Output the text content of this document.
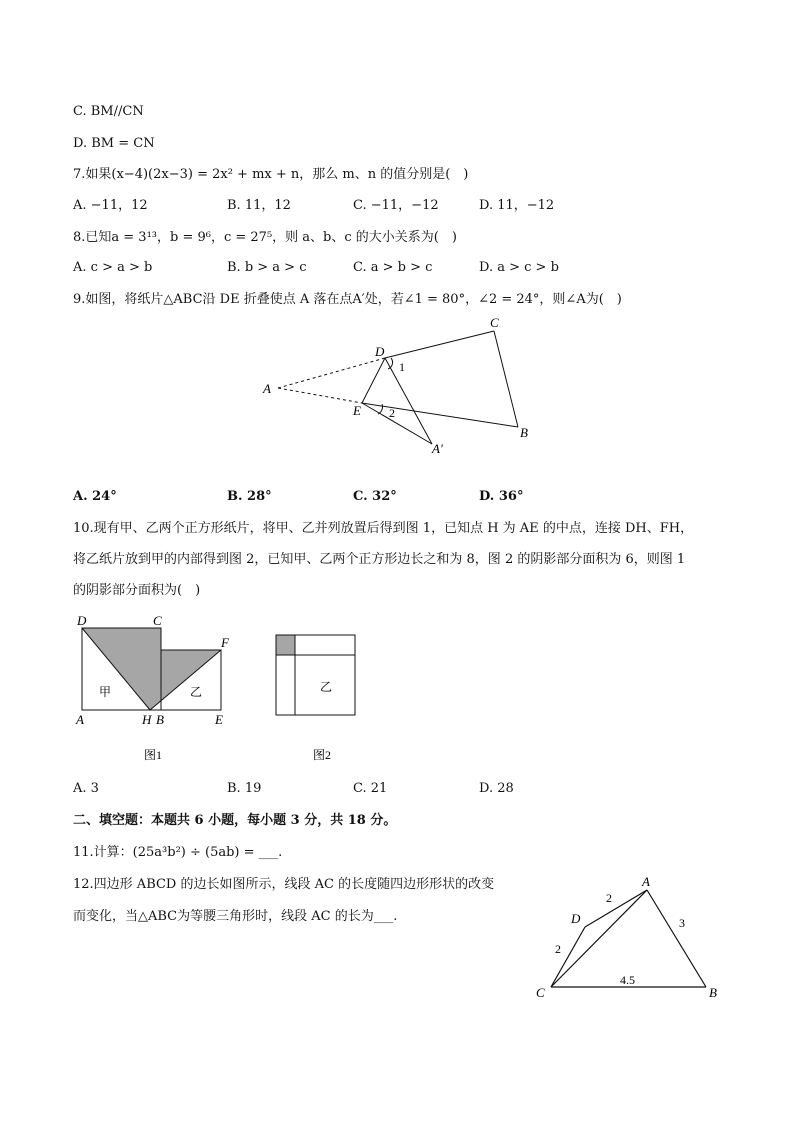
C. BM//CN
D. BM = CN
7.如果(x−4)(2x−3) = 2x² + mx + n，那么 m、n 的值分别是(　)
A. −11，12	B. 11，12	C. −11，−12	D. 11，−12
8.已知a = 3¹³，b = 9⁶，c = 27⁵，则 a、b、c 的大小关系为(　)
A. c > a > b	B. b > a > c	C. a > b > c	D. a > c > b
9.如图，将纸片△ABC沿 DE 折叠使点 A 落在点A′处，若∠1 = 80°，∠2 = 24°，则∠A为(　)
A
C
D
E
B
A′
1
2
A. 24°	B. 28°	C. 32°	D. 36°
10.现有甲、乙两个正方形纸片，将甲、乙并列放置后得到图 1，已知点 H 为 AE 的中点，连接 DH、FH，
将乙纸片放到甲的内部得到图 2，已知甲、乙两个正方形边长之和为 8，图 2 的阴影部分面积为 6，则图 1
的阴影部分面积为(　)
D	C
F
A	H B	E
甲	乙
图1
乙
图2
A. 3	B. 19	C. 21	D. 28
二、填空题：本题共 6 小题，每小题 3 分，共 18 分。
11.计算：(25a³b²) ÷ (5ab) = ___.
12.四边形 ABCD 的边长如图所示，线段 AC 的长度随四边形形状的改变
而变化，当△ABC为等腰三角形时，线段 AC 的长为___.
A
B
C
D
2
2
3
4.5
